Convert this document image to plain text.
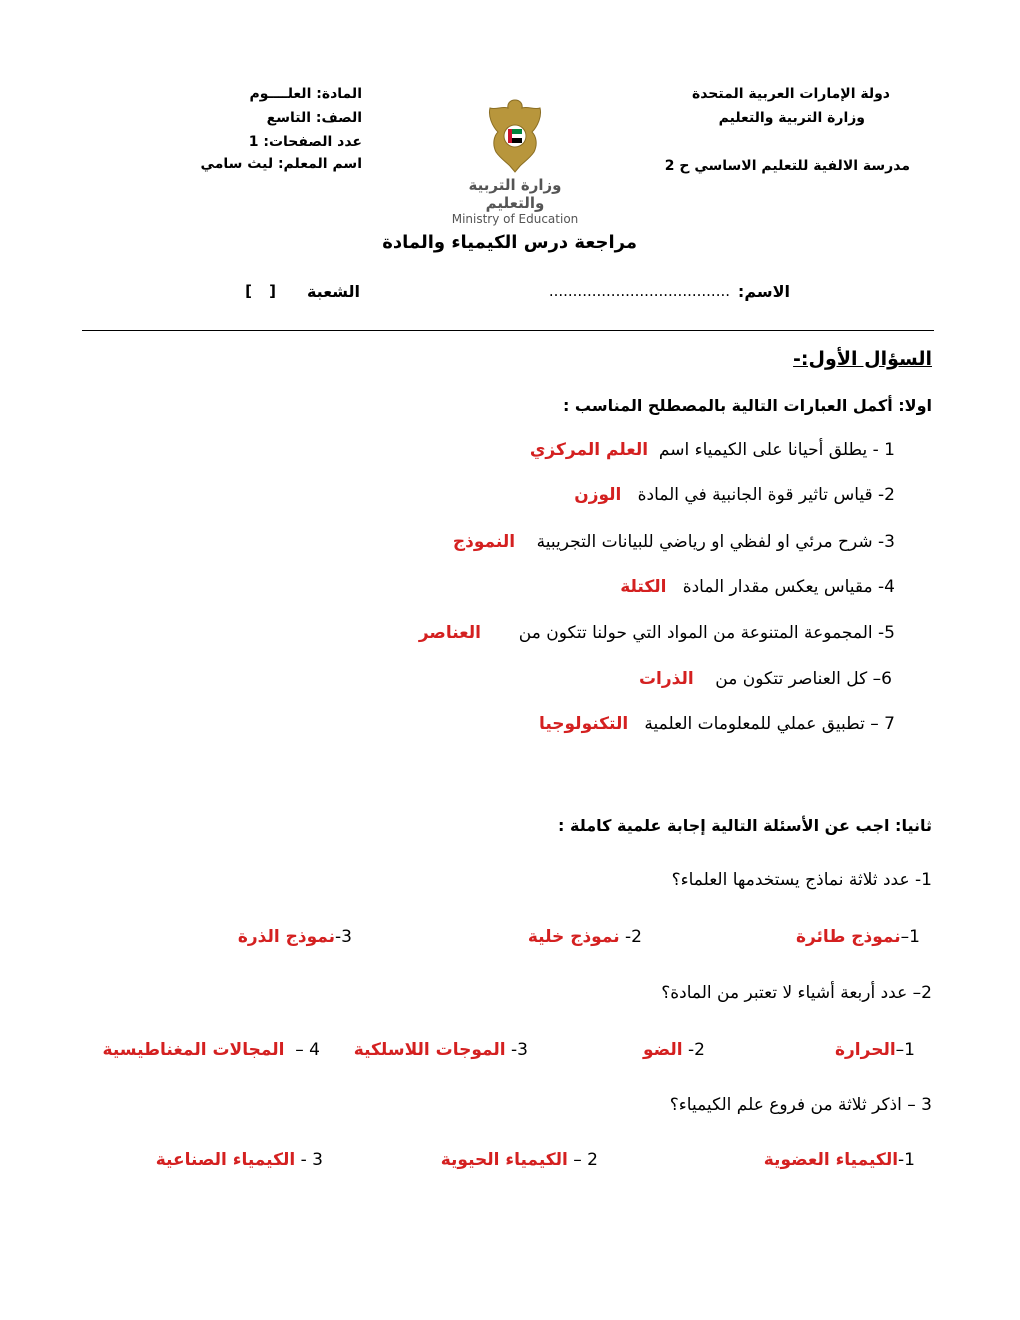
دولة الإمارات العربية المتحدة
وزارة التربية والتعليم
مدرسة الالفية للتعليم الاساسي ح 2
المادة: العلــــوم
الصف: التاسع
عدد الصفحات: 1
اسم المعلم: ليث سامي
وزارة التربية والتعليم
Ministry of Education
مراجعة درس الكيمياء والمادة
الاسم:
......................................
الشعبة
[ ]
السؤال الأول:-
اولا: أكمل العبارات التالية بالمصطلح المناسب :
1 - يطلق أحيانا على الكيمياء اسم  العلم المركزي
2- قياس تاثير قوة الجانبية في المادة   الوزن
3- شرح مرئي او لفظي او رياضي للبيانات التجريبية    النموذج
4- مقياس يعكس مقدار المادة   الكتلة
5- المجموعة المتنوعة من المواد التي حولنا تتكون من       العناصر
6– كل العناصر تتكون من    الذرات
7 – تطبيق عملي للمعلومات العلمية   التكنولوجيا
ثانيا: اجب عن الأسئلة التالية إجابة علمية كاملة :
1- عدد ثلاثة نماذج يستخدمها العلماء؟
1–نموذج طائرة
2- نموذج خلية
3-نموذج الذرة
2– عدد أربعة أشياء لا تعتبر من المادة؟
1–الحرارة
2- الضو
3- الموجات اللاسلكية
4 –  المجالات المغناطيسية
3 – اذكر ثلاثة من فروع علم الكيمياء؟
1-الكيمياء العضوية
2 – الكيمياء الحيوية
3 - الكيمياء الصناعية
